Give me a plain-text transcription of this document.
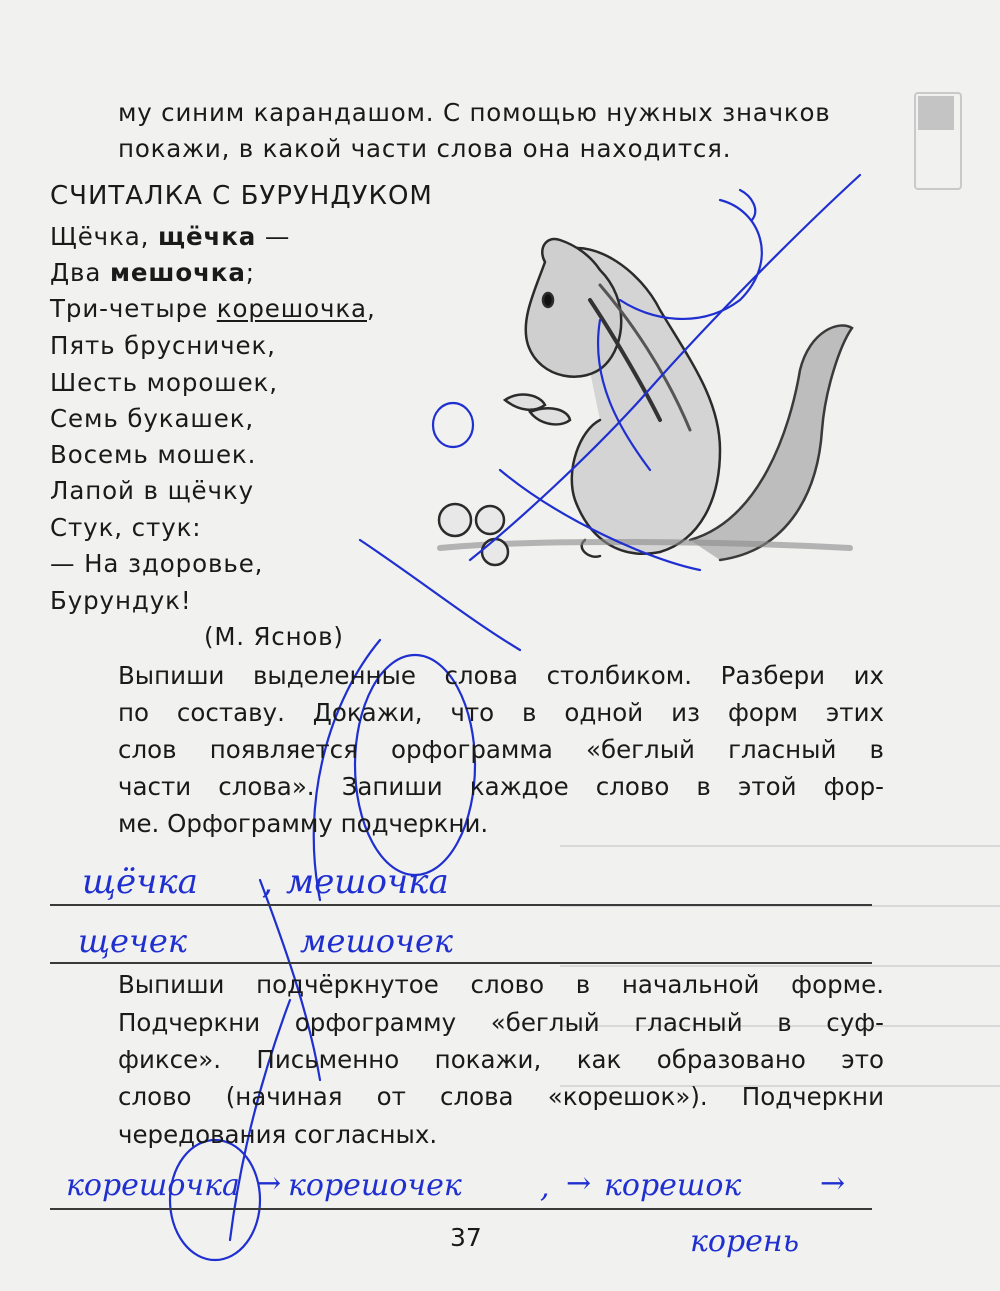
му синим карандашом. С помощью нужных значков
покажи, в какой части слова она находится.
СЧИТАЛКА С БУРУНДУКОМ
Щёчка, щёчка —
Два мешочка;
Три-четыре корешочка,
Пять брусничек,
Шесть морошек,
Семь букашек,
Восемь мошек.
Лапой в щёчку
Стук, стук:
— На здоровье,
Бурундук!
(М. Яснов)
Выпиши выделенные слова столбиком. Разбери их
по составу. Докажи, что в одной из форм этих
слов появляется орфограмма «беглый гласный в
части слова». Запиши каждое слово в этой фор-
ме. Орфограмму подчеркни.
щёчка , мешочка
щечек	мешочек
Выпиши подчёркнутое слово в начальной форме.
Подчеркни орфограмму «беглый гласный в суф-
фиксе». Письменно покажи, как образовано это
слово (начиная от слова «корешок»). Подчеркни
чередования согласных.
корешочка → корешочек	, → корешок	→
корень
37
